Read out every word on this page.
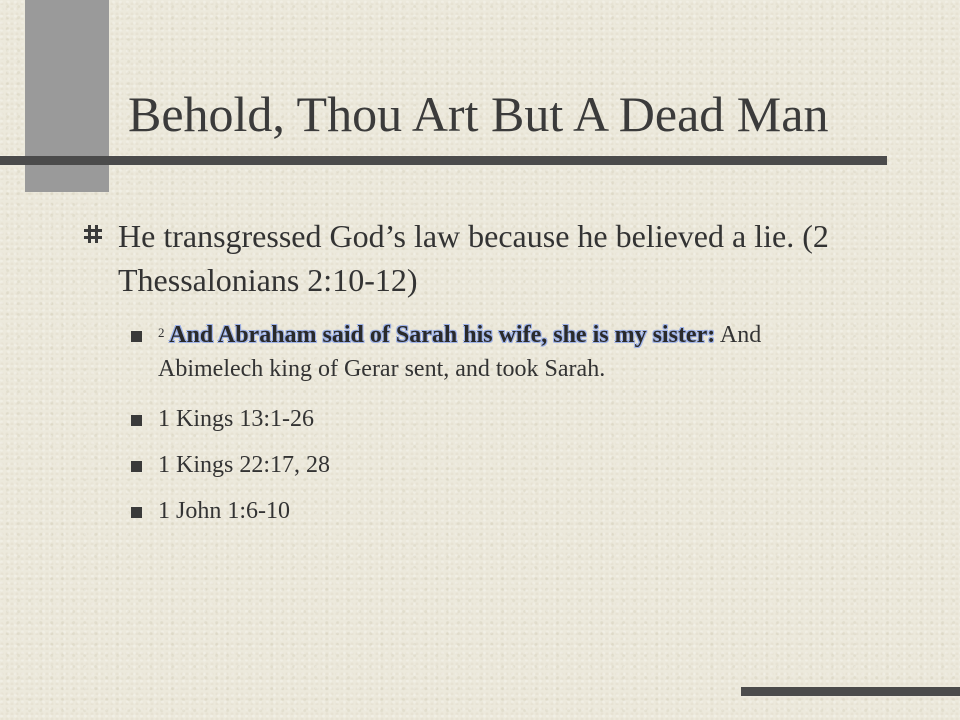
Behold, Thou Art But A Dead Man
He transgressed God’s law because he believed a lie. (2 Thessalonians 2:10-12)
$^2$ And Abraham said of Sarah his wife, she is my sister: And Abimelech king of Gerar sent, and took Sarah.
1 Kings 13:1-26
1 Kings 22:17, 28
1 John 1:6-10
